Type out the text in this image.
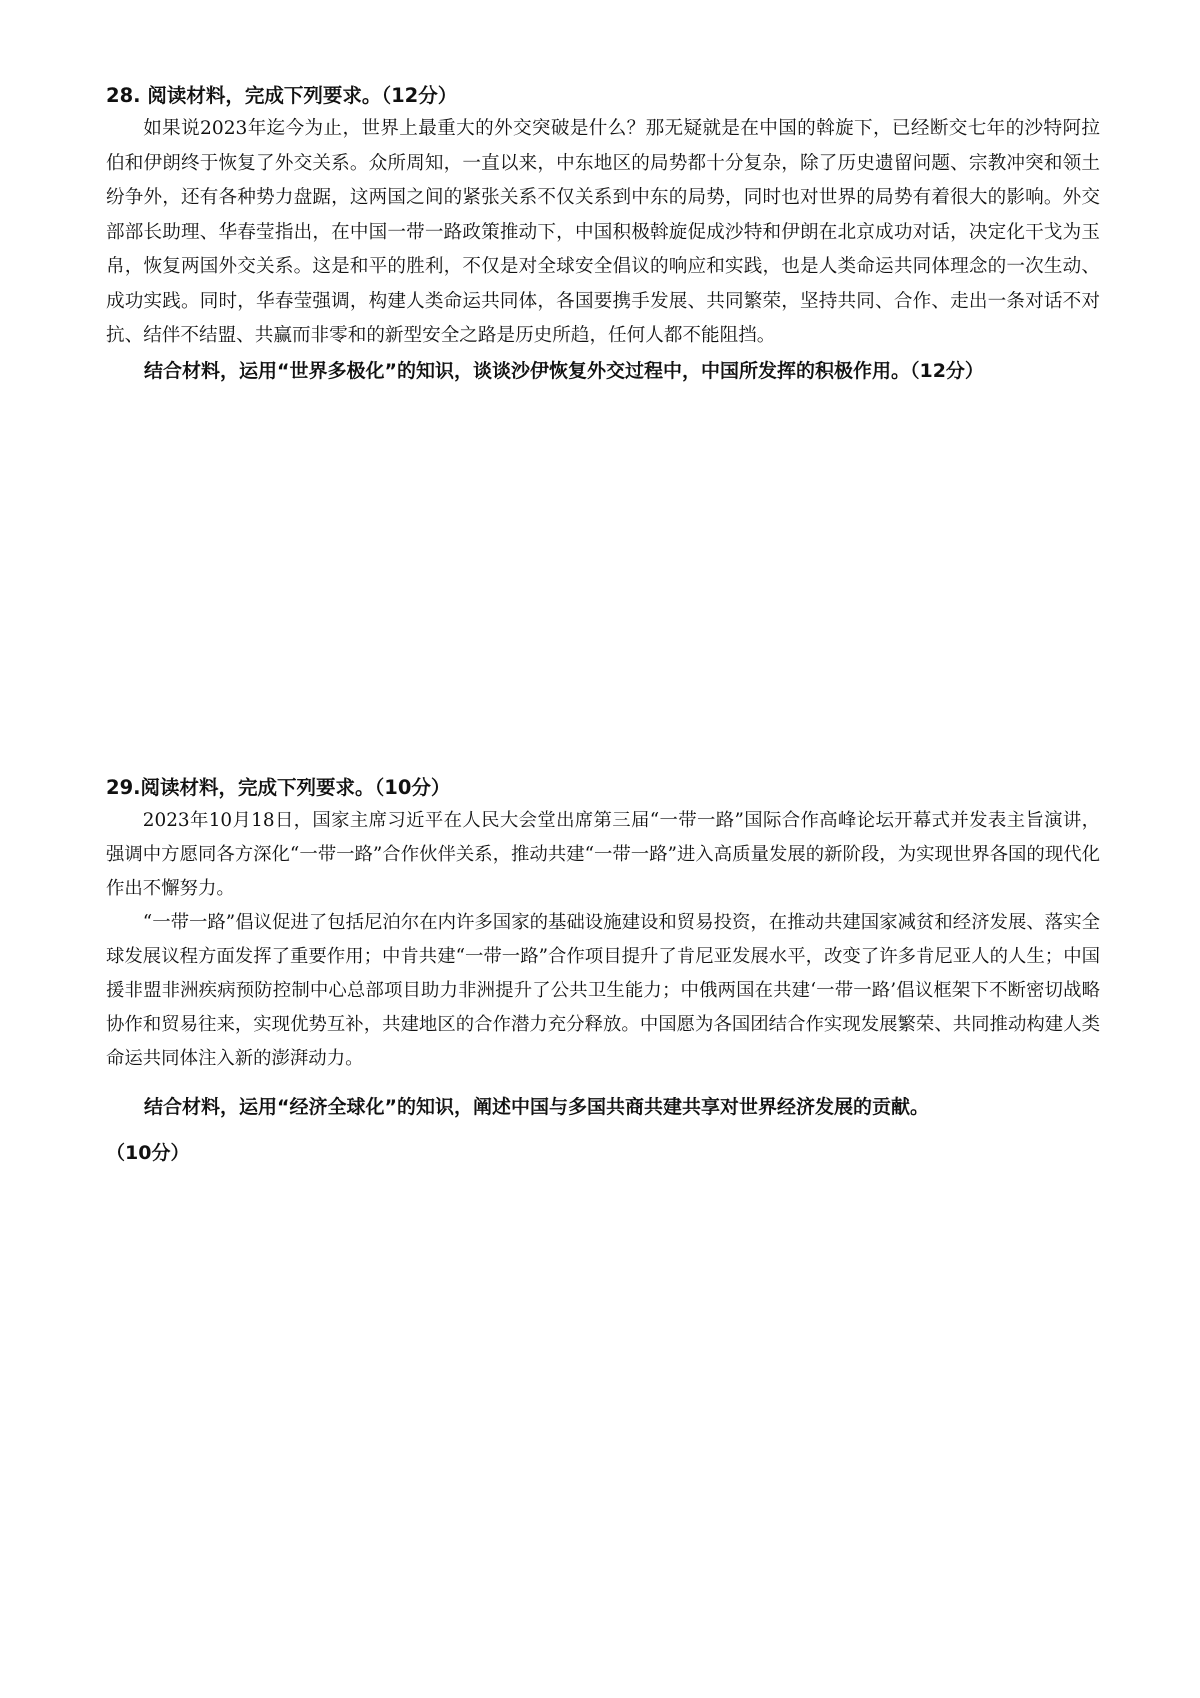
28. 阅读材料，完成下列要求。（12分）

如果说2023年迄今为止，世界上最重大的外交突破是什么？那无疑就是在中国的斡旋下，已经断交七年的沙特阿拉伯和伊朗终于恢复了外交关系。众所周知，一直以来，中东地区的局势都十分复杂，除了历史遗留问题、宗教冲突和领土纷争外，还有各种势力盘踞，这两国之间的紧张关系不仅关系到中东的局势，同时也对世界的局势有着很大的影响。外交部部长助理、华春莹指出，在中国一带一路政策推动下，中国积极斡旋促成沙特和伊朗在北京成功对话，决定化干戈为玉帛，恢复两国外交关系。这是和平的胜利，不仅是对全球安全倡议的响应和实践，也是人类命运共同体理念的一次生动、成功实践。同时，华春莹强调，构建人类命运共同体，各国要携手发展、共同繁荣，坚持共同、合作、走出一条对话不对抗、结伴不结盟、共赢而非零和的新型安全之路是历史所趋，任何人都不能阻挡。

结合材料，运用“世界多极化”的知识，谈谈沙伊恢复外交过程中，中国所发挥的积极作用。（12分）

29.阅读材料，完成下列要求。（10分）

2023年10月18日，国家主席习近平在人民大会堂出席第三届“一带一路”国际合作高峰论坛开幕式并发表主旨演讲，强调中方愿同各方深化“一带一路”合作伙伴关系，推动共建“一带一路”进入高质量发展的新阶段，为实现世界各国的现代化作出不懈努力。

“一带一路”倡议促进了包括尼泊尔在内许多国家的基础设施建设和贸易投资，在推动共建国家减贫和经济发展、落实全球发展议程方面发挥了重要作用；中肯共建“一带一路”合作项目提升了肯尼亚发展水平，改变了许多肯尼亚人的人生；中国援非盟非洲疾病预防控制中心总部项目助力非洲提升了公共卫生能力；中俄两国在共建‘一带一路’倡议框架下不断密切战略协作和贸易往来，实现优势互补，共建地区的合作潜力充分释放。中国愿为各国团结合作实现发展繁荣、共同推动构建人类命运共同体注入新的澎湃动力。

结合材料，运用“经济全球化”的知识，阐述中国与多国共商共建共享对世界经济发展的贡献。

（10分）
